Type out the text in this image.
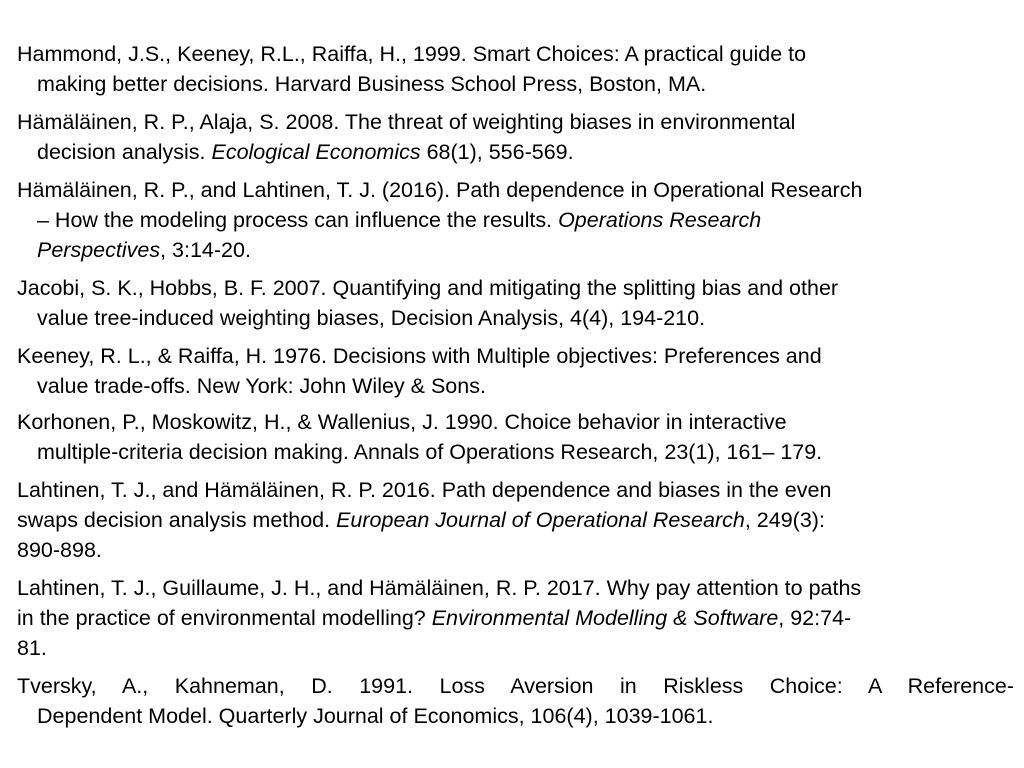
Hammond, J.S., Keeney, R.L., Raiffa, H., 1999. Smart Choices: A practical guide to
making better decisions. Harvard Business School Press, Boston, MA.

Hämäläinen, R. P., Alaja, S. 2008. The threat of weighting biases in environmental
decision analysis. Ecological Economics 68(1), 556-569.

Hämäläinen, R. P., and Lahtinen, T. J. (2016). Path dependence in Operational Research
– How the modeling process can influence the results. Operations Research
Perspectives, 3:14-20.

Jacobi, S. K., Hobbs, B. F. 2007. Quantifying and mitigating the splitting bias and other
value tree-induced weighting biases, Decision Analysis, 4(4), 194-210.

Keeney, R. L., & Raiffa, H. 1976. Decisions with Multiple objectives: Preferences and
value trade-offs. New York: John Wiley & Sons.

Korhonen, P., Moskowitz, H., & Wallenius, J. 1990. Choice behavior in interactive
multiple-criteria decision making. Annals of Operations Research, 23(1), 161– 179.

Lahtinen, T. J., and Hämäläinen, R. P. 2016. Path dependence and biases in the even
swaps decision analysis method. European Journal of Operational Research, 249(3):
890-898.

Lahtinen, T. J., Guillaume, J. H., and Hämäläinen, R. P. 2017. Why pay attention to paths
in the practice of environmental modelling? Environmental Modelling & Software, 92:74-
81.

Tversky, A., Kahneman, D. 1991. Loss Aversion in Riskless Choice: A Reference-
Dependent Model. Quarterly Journal of Economics, 106(4), 1039-1061.
